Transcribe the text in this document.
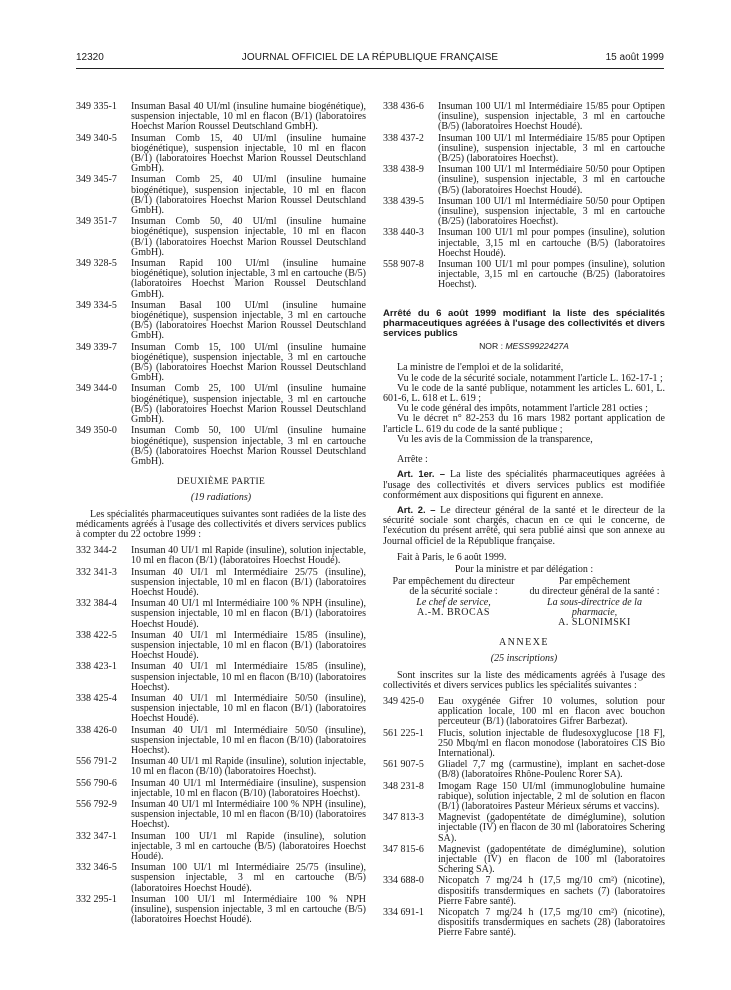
12320	JOURNAL OFFICIEL DE LA RÉPUBLIQUE FRANÇAISE	15 août 1999
349 335-1	Insuman Basal 40 UI/ml (insuline humaine biogénétique), suspension injectable, 10 ml en flacon (B/1) (laboratoires Hoechst Marion Roussel Deutschland GmbH).
349 340-5	Insuman Comb 15, 40 UI/ml (insuline humaine biogénétique), suspension injectable, 10 ml en flacon (B/1) (laboratoires Hoechst Marion Roussel Deutschland GmbH).
349 345-7	Insuman Comb 25, 40 UI/ml (insuline humaine biogénétique), suspension injectable, 10 ml en flacon (B/1) (laboratoires Hoechst Marion Roussel Deutschland GmbH).
349 351-7	Insuman Comb 50, 40 UI/ml (insuline humaine biogénétique), suspension injectable, 10 ml en flacon (B/1) (laboratoires Hoechst Marion Roussel Deutschland GmbH).
349 328-5	Insuman Rapid 100 UI/ml (insuline humaine biogénétique), solution injectable, 3 ml en cartouche (B/5) (laboratoires Hoechst Marion Roussel Deutschland GmbH).
349 334-5	Insuman Basal 100 UI/ml (insuline humaine biogénétique), suspension injectable, 3 ml en cartouche (B/5) (laboratoires Hoechst Marion Roussel Deutschland GmbH).
349 339-7	Insuman Comb 15, 100 UI/ml (insuline humaine biogénétique), suspension injectable, 3 ml en cartouche (B/5) (laboratoires Hoechst Marion Roussel Deutschland GmbH).
349 344-0	Insuman Comb 25, 100 UI/ml (insuline humaine biogénétique), suspension injectable, 3 ml en cartouche (B/5) (laboratoires Hoechst Marion Roussel Deutschland GmbH).
349 350-0	Insuman Comb 50, 100 UI/ml (insuline humaine biogénétique), suspension injectable, 3 ml en cartouche (B/5) (laboratoires Hoechst Marion Roussel Deutschland GmbH).
DEUXIÈME PARTIE
(19 radiations)
Les spécialités pharmaceutiques suivantes sont radiées de la liste des médicaments agréés à l'usage des collectivités et divers services publics à compter du 22 octobre 1999 :
332 344-2	Insuman 40 UI/1 ml Rapide (insuline), solution injectable, 10 ml en flacon (B/1) (laboratoires Hoechst Houdé).
332 341-3	Insuman 40 UI/1 ml Intermédiaire 25/75 (insuline), suspension injectable, 10 ml en flacon (B/1) (laboratoires Hoechst Houdé).
332 384-4	Insuman 40 UI/1 ml Intermédiaire 100 % NPH (insuline), suspension injectable, 10 ml en flacon (B/1) (laboratoires Hoechst Houdé).
338 422-5	Insuman 40 UI/1 ml Intermédiaire 15/85 (insuline), suspension injectable, 10 ml en flacon (B/1) (laboratoires Hoechst Houdé).
338 423-1	Insuman 40 UI/1 ml Intermédiaire 15/85 (insuline), suspension injectable, 10 ml en flacon (B/10) (laboratoires Hoechst).
338 425-4	Insuman 40 UI/1 ml Intermédiaire 50/50 (insuline), suspension injectable, 10 ml en flacon (B/1) (laboratoires Hoechst Houdé).
338 426-0	Insuman 40 UI/1 ml Intermédiaire 50/50 (insuline), suspension injectable, 10 ml en flacon (B/10) (laboratoires Hoechst).
556 791-2	Insuman 40 UI/1 ml Rapide (insuline), solution injectable, 10 ml en flacon (B/10) (laboratoires Hoechst).
556 790-6	Insuman 40 UI/1 ml Intermédiaire (insuline), suspension injectable, 10 ml en flacon (B/10) (laboratoires Hoechst).
556 792-9	Insuman 40 UI/1 ml Intermédiaire 100 % NPH (insuline), suspension injectable, 10 ml en flacon (B/10) (laboratoires Hoechst).
332 347-1	Insuman 100 UI/1 ml Rapide (insuline), solution injectable, 3 ml en cartouche (B/5) (laboratoires Hoechst Houdé).
332 346-5	Insuman 100 UI/1 ml Intermédiaire 25/75 (insuline), suspension injectable, 3 ml en cartouche (B/5) (laboratoires Hoechst Houdé).
332 295-1	Insuman 100 UI/1 ml Intermédiaire 100 % NPH (insuline), suspension injectable, 3 ml en cartouche (B/5) (laboratoires Hoechst Houdé).
338 436-6	Insuman 100 UI/1 ml Intermédiaire 15/85 pour Optipen (insuline), suspension injectable, 3 ml en cartouche (B/5) (laboratoires Hoechst Houdé).
338 437-2	Insuman 100 UI/1 ml Intermédiaire 15/85 pour Optipen (insuline), suspension injectable, 3 ml en cartouche (B/25) (laboratoires Hoechst).
338 438-9	Insuman 100 UI/1 ml Intermédiaire 50/50 pour Optipen (insuline), suspension injectable, 3 ml en cartouche (B/5) (laboratoires Hoechst Houdé).
338 439-5	Insuman 100 UI/1 ml Intermédiaire 50/50 pour Optipen (insuline), suspension injectable, 3 ml en cartouche (B/25) (laboratoires Hoechst).
338 440-3	Insuman 100 UI/1 ml pour pompes (insuline), solution injectable, 3,15 ml en cartouche (B/5) (laboratoires Hoechst Houdé).
558 907-8	Insuman 100 UI/1 ml pour pompes (insuline), solution injectable, 3,15 ml en cartouche (B/25) (laboratoires Hoechst).
Arrêté du 6 août 1999 modifiant la liste des spécialités pharmaceutiques agréées à l'usage des collectivités et divers services publics
NOR : MESS9922427A
La ministre de l'emploi et de la solidarité,
Vu le code de la sécurité sociale, notamment l'article L. 162-17-1 ;
Vu le code de la santé publique, notamment les articles L. 601, L. 601-6, L. 618 et L. 619 ;
Vu le code général des impôts, notamment l'article 281 octies ;
Vu le décret n° 82-253 du 16 mars 1982 portant application de l'article L. 619 du code de la santé publique ;
Vu les avis de la Commission de la transparence,
Arrête :
Art. 1er. – La liste des spécialités pharmaceutiques agréées à l'usage des collectivités et divers services publics est modifiée conformément aux dispositions qui figurent en annexe.
Art. 2. – Le directeur général de la santé et le directeur de la sécurité sociale sont chargés, chacun en ce qui le concerne, de l'exécution du présent arrêté, qui sera publié ainsi que son annexe au Journal officiel de la République française.
Fait à Paris, le 6 août 1999.
Pour la ministre et par délégation :
Par empêchement du directeur
de la sécurité sociale :
Le chef de service,
A.-M. BROCAS
Par empêchement
du directeur général de la santé :
La sous-directrice de la pharmacie,
A. SLONIMSKI
ANNEXE
(25 inscriptions)
Sont inscrites sur la liste des médicaments agréés à l'usage des collectivités et divers services publics les spécialités suivantes :
349 425-0	Eau oxygénée Gifrer 10 volumes, solution pour application locale, 100 ml en flacon avec bouchon perceuteur (B/1) (laboratoires Gifrer Barbezat).
561 225-1	Flucis, solution injectable de fludesoxyglucose [18 F], 250 Mbq/ml en flacon monodose (laboratoires CIS Bio International).
561 907-5	Gliadel 7,7 mg (carmustine), implant en sachet-dose (B/8) (laboratoires Rhône-Poulenc Rorer SA).
348 231-8	Imogam Rage 150 UI/ml (immunoglobuline humaine rabique), solution injectable, 2 ml de solution en flacon (B/1) (laboratoires Pasteur Mérieux sérums et vaccins).
347 813-3	Magnevist (gadopentétate de diméglumine), solution injectable (IV) en flacon de 30 ml (laboratoires Schering SA).
347 815-6	Magnevist (gadopentétate de diméglumine), solution injectable (IV) en flacon de 100 ml (laboratoires Schering SA).
334 688-0	Nicopatch 7 mg/24 h (17,5 mg/10 cm²) (nicotine), dispositifs transdermiques en sachets (7) (laboratoires Pierre Fabre santé).
334 691-1	Nicopatch 7 mg/24 h (17,5 mg/10 cm²) (nicotine), dispositifs transdermiques en sachets (28) (laboratoires Pierre Fabre santé).
